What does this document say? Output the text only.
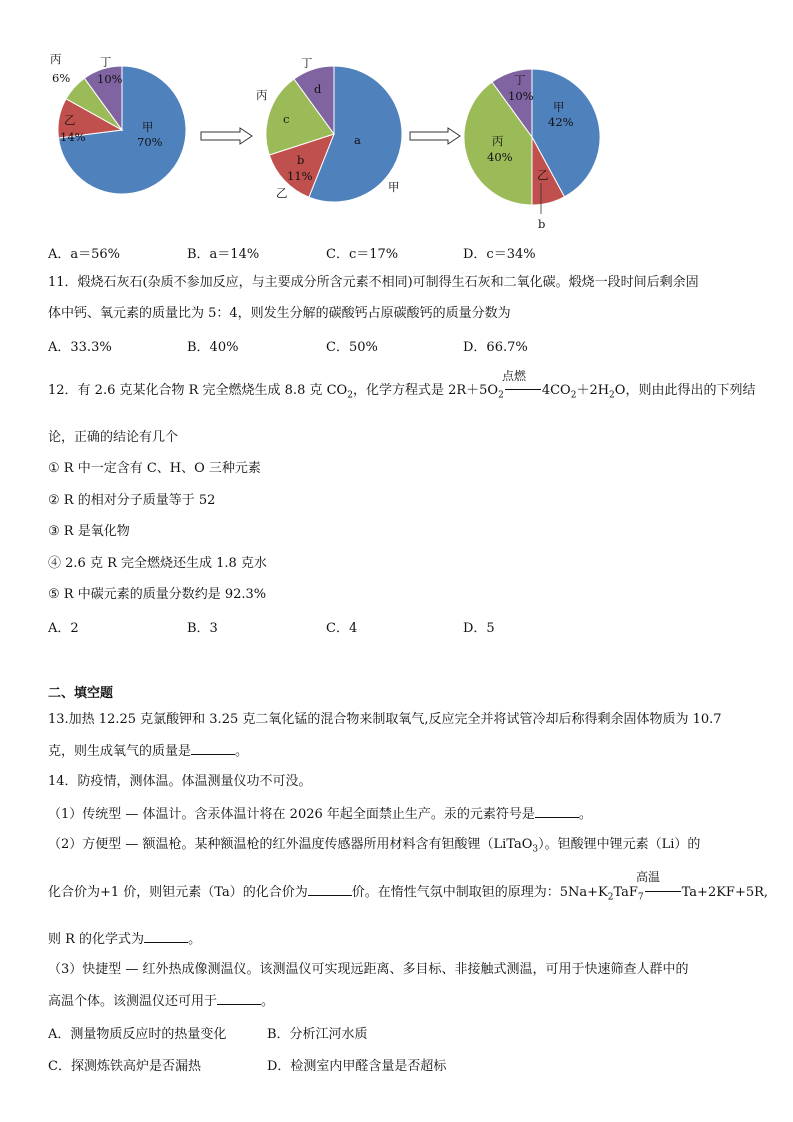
甲
70%
乙
14%
丙
6%
丁
10%
a
b
11%
c
d
甲
乙
丙
丁
甲
42%
丙
40%
丁
10%
乙
b
A．a＝56%	B．a＝14%	C．c＝17%	D．c＝34%
11．煅烧石灰石(杂质不参加反应，与主要成分所含元素不相同)可制得生石灰和二氧化碳。煅烧一段时间后剩余固
体中钙、氧元素的质量比为 5：4，则发生分解的碳酸钙占原碳酸钙的质量分数为
A．33.3%	B．40%	C．50%	D．66.7%
12．有 2.6 克某化合物 R 完全燃烧生成 8.8 克 $CO_2$，化学方程式是 $2R+5O_2$	$4CO_2+2H_2O$，则由此得出的下列结
点燃
论，正确的结论有几个
① R 中一定含有 C、H、O 三种元素
② R 的相对分子质量等于 52
③ R 是氧化物
④ 2.6 克 R 完全燃烧还生成 1.8 克水
⑤ R 中碳元素的质量分数约是 92.3%
A．2	B．3	C．4	D．5
二、填空题
13.加热 12.25 克氯酸钾和 3.25 克二氧化锰的混合物来制取氧气,反应完全并将试管冷却后称得剩余固体物质为 10.7
克，则生成氧气的质量是	。
14．防疫情，测体温。体温测量仪功不可没。
（1）传统型 — 体温计。含汞体温计将在 2026 年起全面禁止生产。汞的元素符号是	。
（2）方便型 — 额温枪。某种额温枪的红外温度传感器所用材料含有钽酸锂（LiTaO$_3$）。钽酸锂中锂元素（Li）的
化合价为+1 价，则钽元素（Ta）的化合价为	价。在惰性气氛中制取钽的原理为：$5Na+K_2TaF_7$	Ta+2KF+5R,
高温
则 R 的化学式为	。
（3）快捷型 — 红外热成像测温仪。该测温仪可实现远距离、多目标、非接触式测温，可用于快速筛查人群中的
高温个体。该测温仪还可用于	。
A．测量物质反应时的热量变化	B．分析江河水质
C．探测炼铁高炉是否漏热	D．检测室内甲醛含量是否超标
